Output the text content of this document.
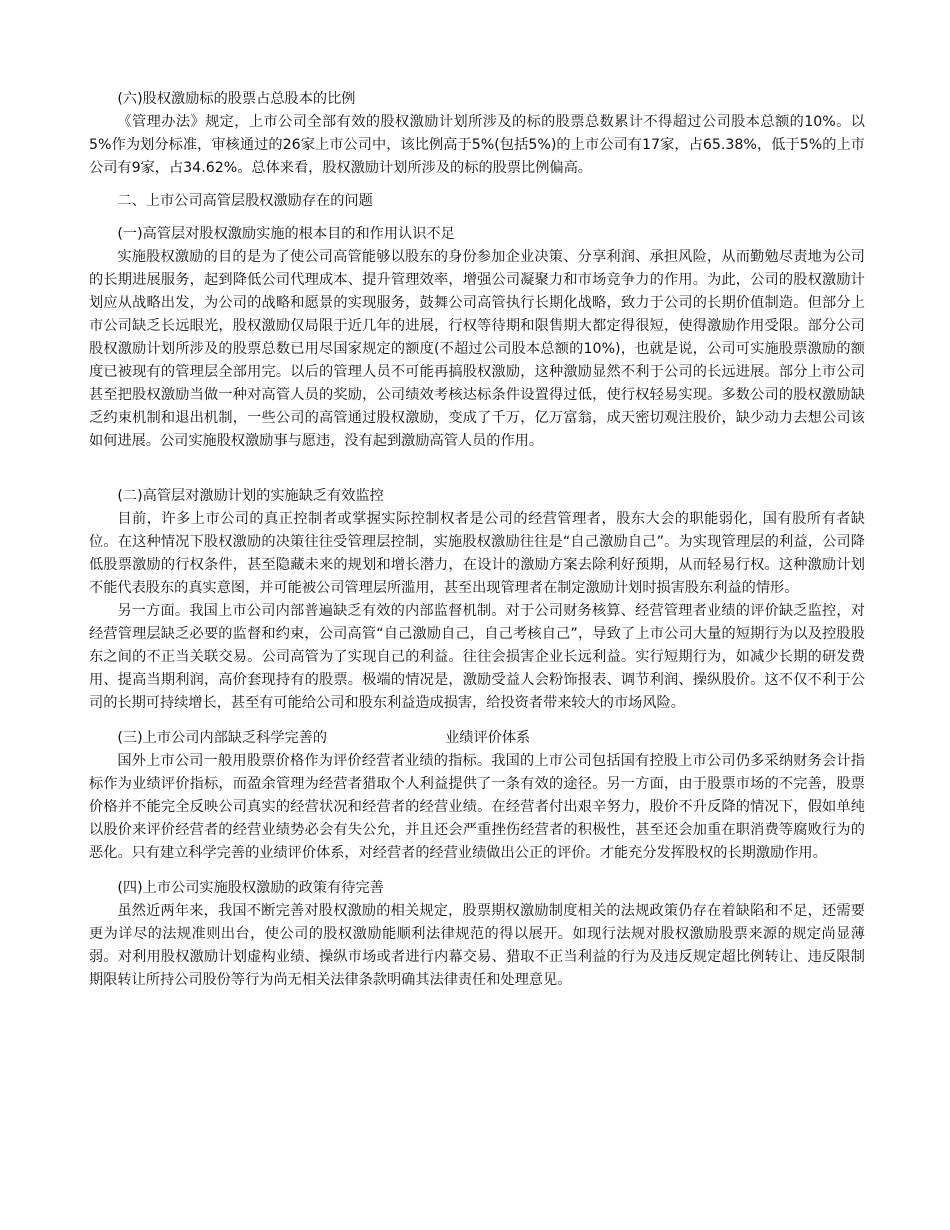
(六)股权激励标的股票占总股本的比例

《管理办法》规定，上市公司全部有效的股权激励计划所涉及的标的股票总数累计不得超过公司股本总额的10%。以5%作为划分标准，审核通过的26家上市公司中，该比例高于5%(包括5%)的上市公司有17家，占65.38%，低于5%的上市公司有9家，占34.62%。总体来看，股权激励计划所涉及的标的股票比例偏高。

二、上市公司高管层股权激励存在的问题

(一)高管层对股权激励实施的根本目的和作用认识不足

实施股权激励的目的是为了使公司高管能够以股东的身份参加企业决策、分享利润、承担风险，从而勤勉尽责地为公司的长期进展服务，起到降低公司代理成本、提升管理效率，增强公司凝聚力和市场竞争力的作用。为此，公司的股权激励计划应从战略出发，为公司的战略和愿景的实现服务，鼓舞公司高管执行长期化战略，致力于公司的长期价值制造。但部分上市公司缺乏长远眼光，股权激励仅局限于近几年的进展，行权等待期和限售期大都定得很短，使得激励作用受限。部分公司股权激励计划所涉及的股票总数已用尽国家规定的额度(不超过公司股本总额的10%)，也就是说，公司可实施股票激励的额度已被现有的管理层全部用完。以后的管理人员不可能再搞股权激励，这种激励显然不利于公司的长远进展。部分上市公司甚至把股权激励当做一种对高管人员的奖励，公司绩效考核达标条件设置得过低，使行权轻易实现。多数公司的股权激励缺乏约束机制和退出机制，一些公司的高管通过股权激励，变成了千万，亿万富翁，成天密切观注股价，缺少动力去想公司该如何进展。公司实施股权激励事与愿违，没有起到激励高管人员的作用。

(二)高管层对激励计划的实施缺乏有效监控

目前，许多上市公司的真正控制者或掌握实际控制权者是公司的经营管理者，股东大会的职能弱化，国有股所有者缺位。在这种情况下股权激励的决策往往受管理层控制，实施股权激励往往是“自己激励自己”。为实现管理层的利益，公司降低股票激励的行权条件，甚至隐藏未来的规划和增长潜力，在设计的激励方案去除利好预期，从而轻易行权。这种激励计划不能代表股东的真实意图，并可能被公司管理层所滥用，甚至出现管理者在制定激励计划时损害股东利益的情形。

另一方面。我国上市公司内部普遍缺乏有效的内部监督机制。对于公司财务核算、经营管理者业绩的评价缺乏监控，对经营管理层缺乏必要的监督和约束，公司高管“自己激励自己，自己考核自己”，导致了上市公司大量的短期行为以及控股股东之间的不正当关联交易。公司高管为了实现自己的利益。往往会损害企业长远利益。实行短期行为，如减少长期的研发费用、提高当期利润，高价套现持有的股票。极端的情况是，激励受益人会粉饰报表、调节利润、操纵股价。这不仅不利于公司的长期可持续增长，甚至有可能给公司和股东利益造成损害，给投资者带来较大的市场风险。

(三)上市公司内部缺乏科学完善的	业绩评价体系

国外上市公司一般用股票价格作为评价经营者业绩的指标。我国的上市公司包括国有控股上市公司仍多采纳财务会计指标作为业绩评价指标，而盈余管理为经营者猎取个人利益提供了一条有效的途径。另一方面，由于股票市场的不完善，股票价格并不能完全反映公司真实的经营状况和经营者的经营业绩。在经营者付出艰辛努力，股价不升反降的情况下，假如单纯以股价来评价经营者的经营业绩势必会有失公允，并且还会严重挫伤经营者的积极性，甚至还会加重在职消费等腐败行为的恶化。只有建立科学完善的业绩评价体系，对经营者的经营业绩做出公正的评价。才能充分发挥股权的长期激励作用。

(四)上市公司实施股权激励的政策有待完善

虽然近两年来，我国不断完善对股权激励的相关规定，股票期权激励制度相关的法规政策仍存在着缺陷和不足，还需要更为详尽的法规准则出台，使公司的股权激励能顺利法律规范的得以展开。如现行法规对股权激励股票来源的规定尚显薄弱。对利用股权激励计划虚构业绩、操纵市场或者进行内幕交易、猎取不正当利益的行为及违反规定超比例转让、违反限制期限转让所持公司股份等行为尚无相关法律条款明确其法律责任和处理意见。
